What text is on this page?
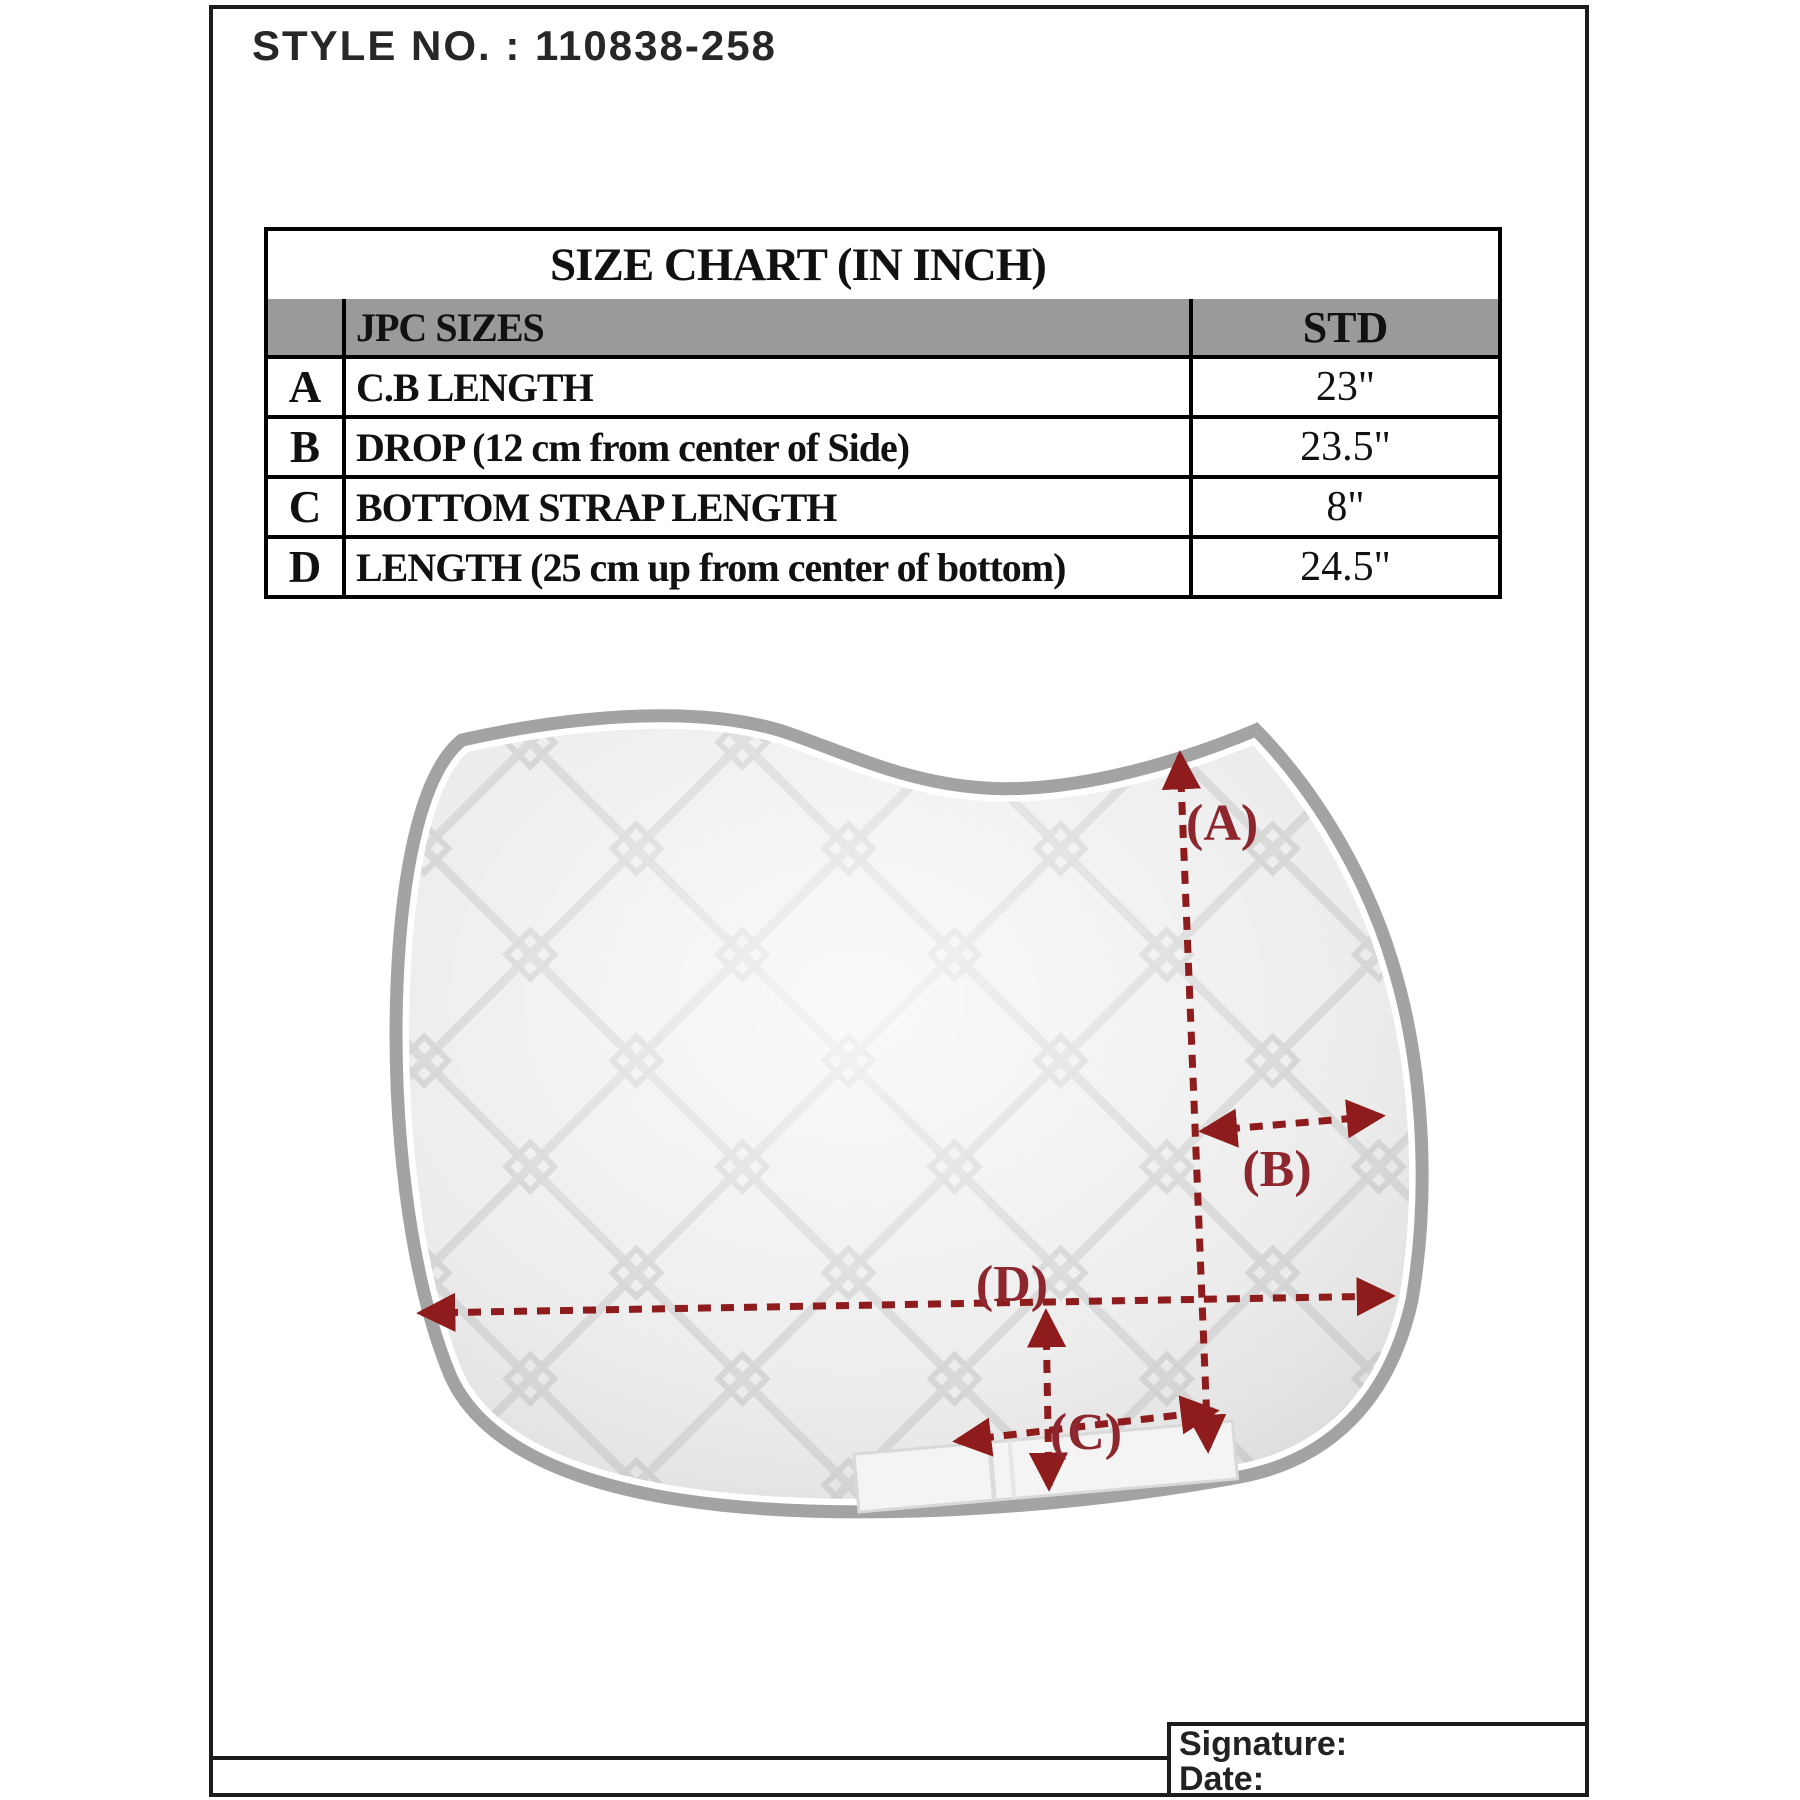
STYLE NO. : 110838-258
SIZE CHART (IN INCH)
JPC SIZES	STD
A C.B LENGTH	23"
B DROP (12 cm from center of Side)	23.5"
C BOTTOM STRAP LENGTH	8"
D LENGTH (25 cm up from center of bottom)	24.5"
(A)
(B)
(D)
(C)
Signature:
Date:
